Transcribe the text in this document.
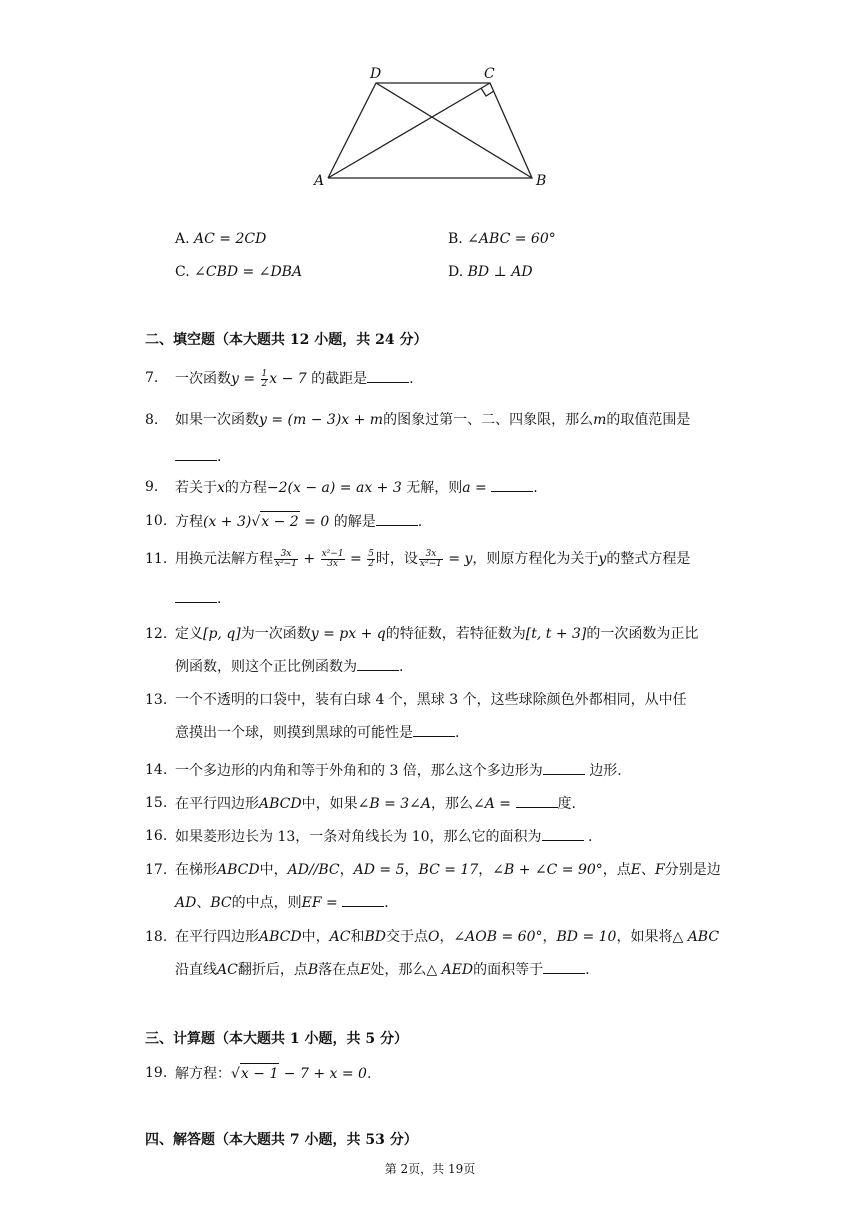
D	C
A	B
A. AC = 2CD	B. ∠ABC = 60°
C. ∠CBD = ∠DBA	D. BD ⊥ AD
二、填空题（本大题共 12 小题，共 24 分）
7.	一次函数$y = \frac{1}{2}$ x − 7 的截距是	.
8.	如果一次函数y = (m − 3)x + m的图象过第一、二、四象限，那么m的取值范围是
.
9.	若关于x的方程−2(x − a) = ax + 3 无解，则a =	.
10. 方程(x + 3)√x − 2 = 0 的解是	.
11. 用换元法解方程 $\frac{3x}{\text{x²−1}} + \frac{\text{x²−1}}{3x} = \frac{5}{2}$ 时，设 $\frac{3x}{\text{x²−1}} = y$，则原方程化为关于y的整式方程是
.
12. 定义[p, q]为一次函数y = px + q的特征数，若特征数为[t, t + 3]的一次函数为正比
例函数，则这个正比例函数为	.
13. 一个不透明的口袋中，装有白球 4 个，黑球 3 个，这些球除颜色外都相同，从中任
意摸出一个球，则摸到黑球的可能性是	.
14. 一个多边形的内角和等于外角和的 3 倍，那么这个多边形为	边形.
15. 在平行四边形ABCD中，如果∠B = 3∠A，那么∠A =	度.
16. 如果菱形边长为 13，一条对角线长为 10，那么它的面积为	.
17. 在梯形ABCD中，AD//BC，AD = 5，BC = 17，∠B + ∠C = 90°，点E、F分别是边
AD、BC的中点，则EF =	.
18. 在平行四边形ABCD中，AC和BD交于点O，∠AOB = 60°，BD = 10，如果将△ ABC
沿直线AC翻折后，点B落在点E处，那么△ AED的面积等于	.
三、计算题（本大题共 1 小题，共 5 分）
19. 解方程：√x − 1 − 7 + x = 0.
四、解答题（本大题共 7 小题，共 53 分）
第 2页，共 19页
